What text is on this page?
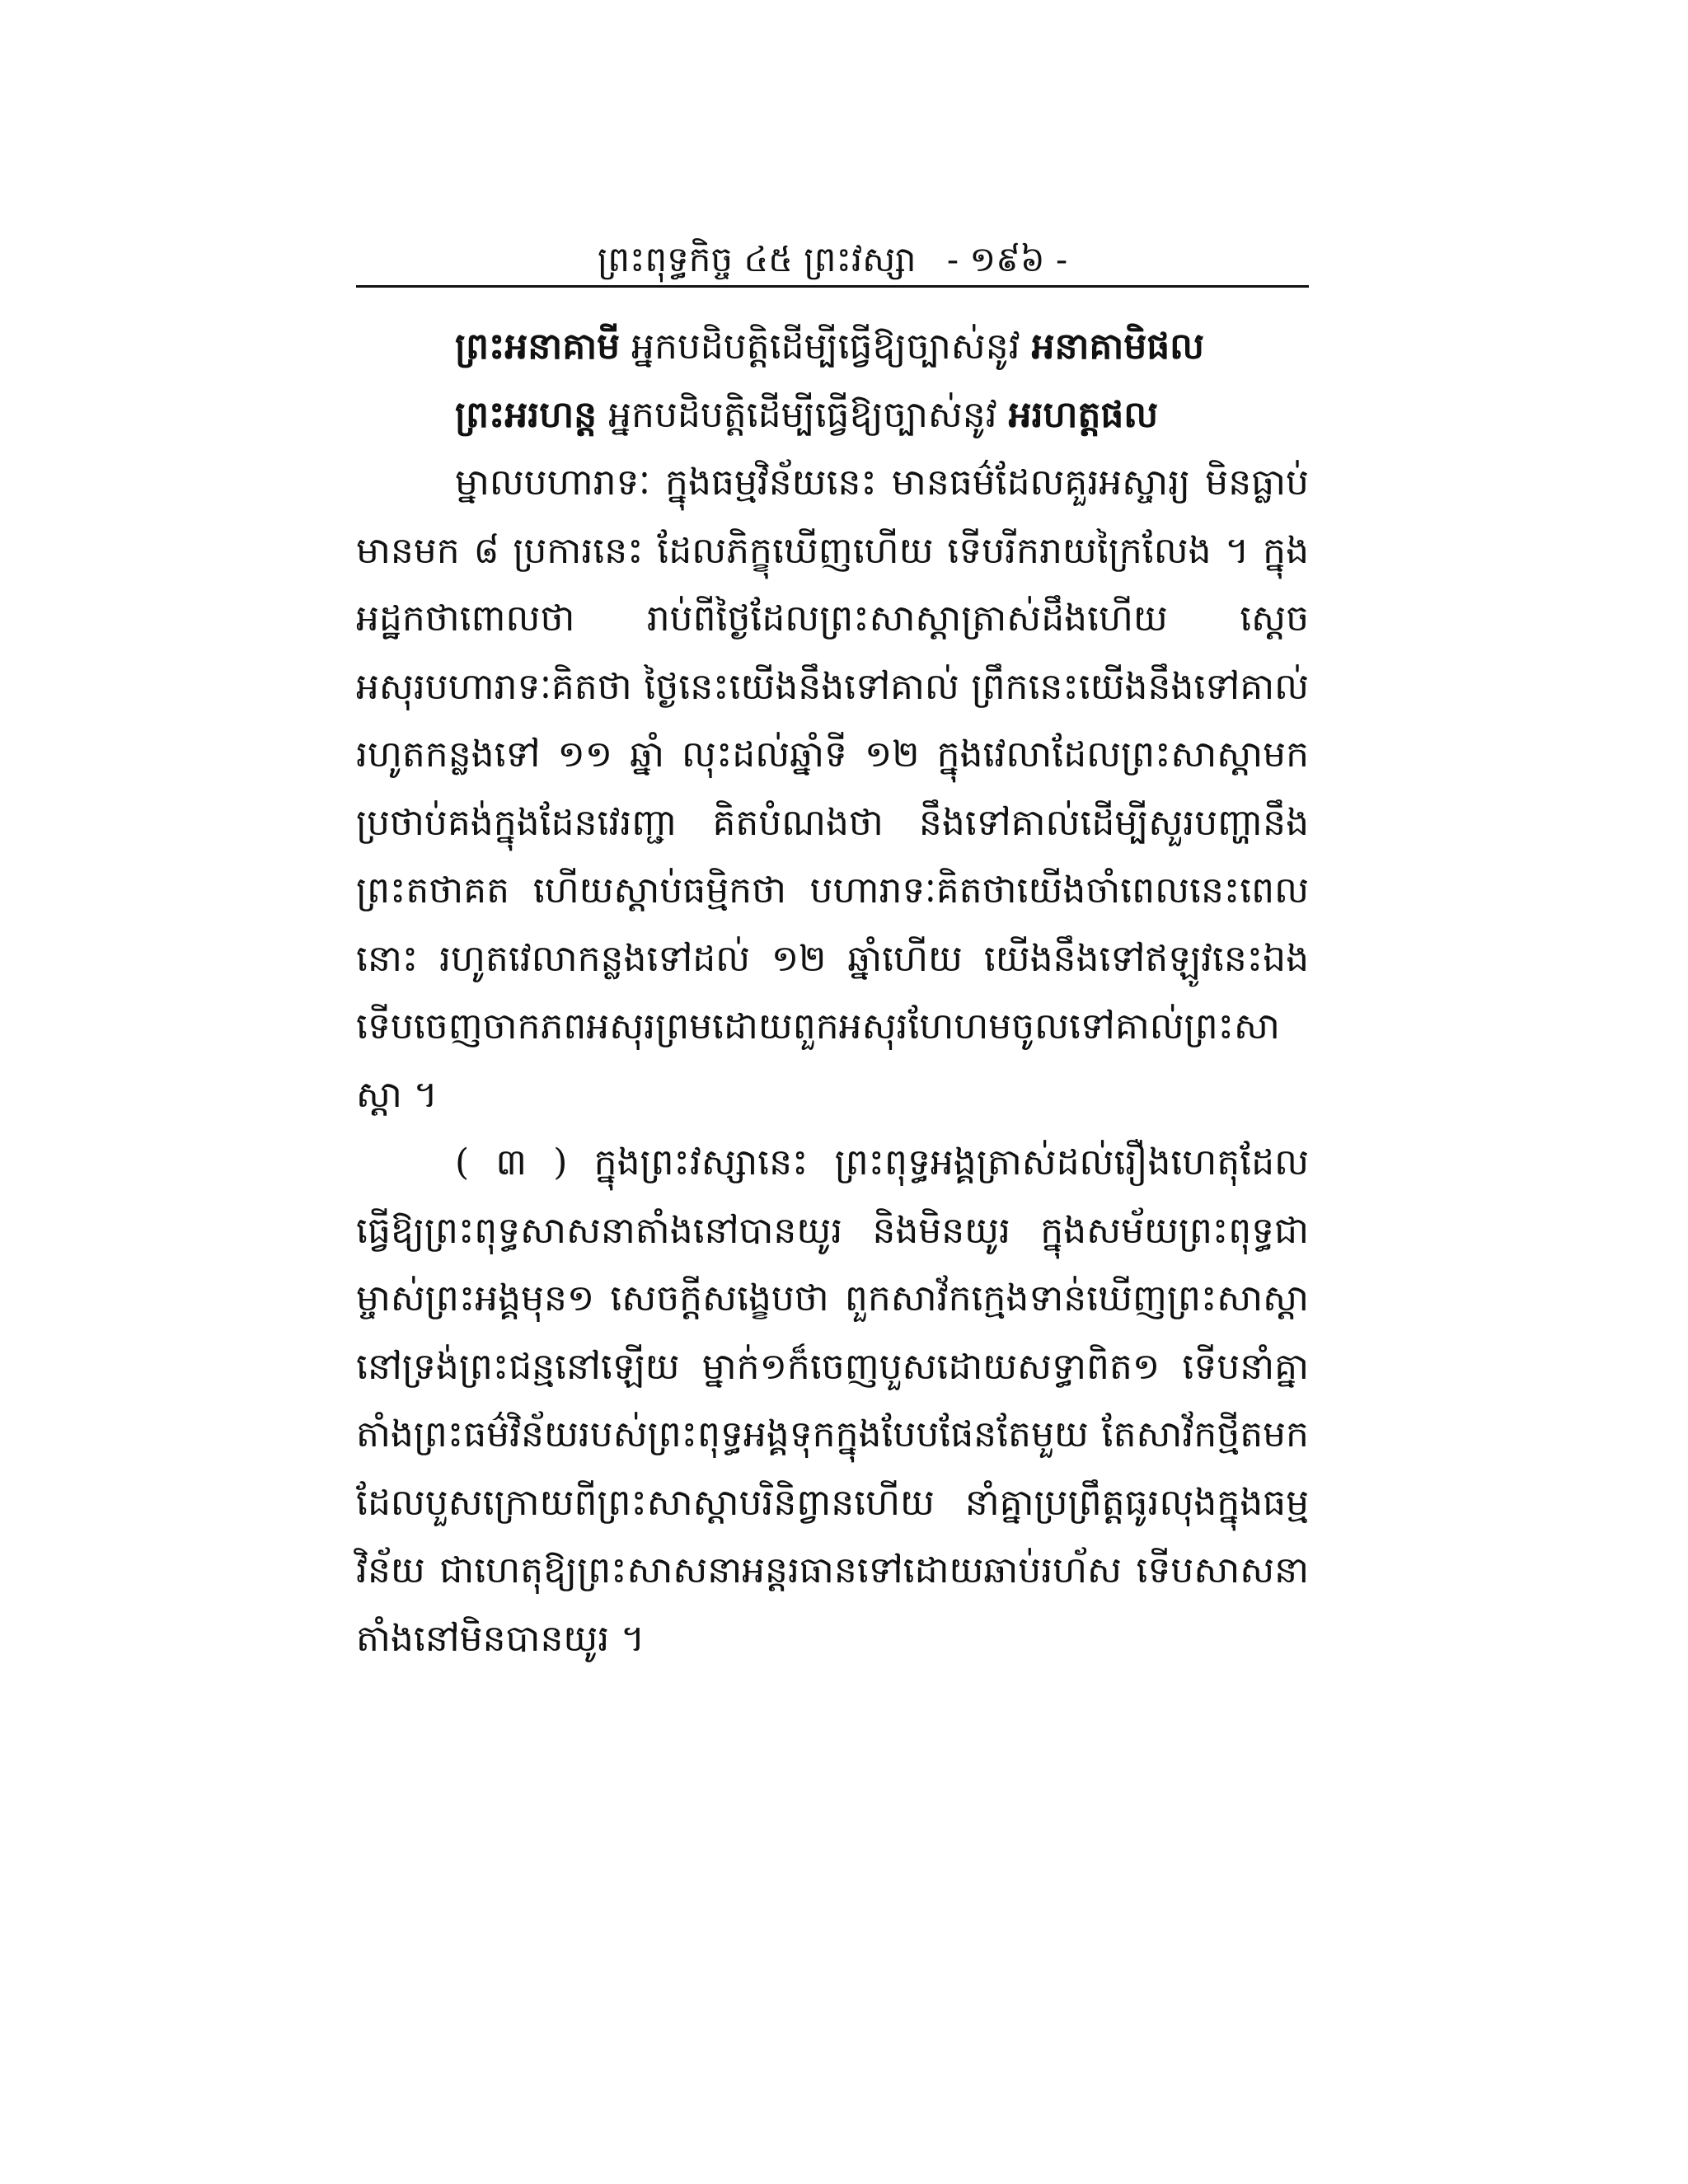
ព្រះពុទ្ធកិច្ច ៤៥ ព្រះវស្សា - ១៩៦ -

ព្រះអនាគាមី អ្នកបដិបត្តិដើម្បីធ្វើឱ្យច្បាស់នូវ អនាគាមិផល

ព្រះអរហន្ត អ្នកបដិបត្តិដើម្បីធ្វើឱ្យច្បាស់នូវ អរហត្តផល

ម្នាលបហារាទៈ ក្នុងធម្មវិន័យនេះ មានធម៌ដែលគួរអស្ចារ្យ មិនធ្លាប់មានមក ៨ ប្រការនេះ ដែលភិក្ខុឃើញហើយ ទើបរីករាយក្រៃលែង ។ ក្នុងអដ្ឋកថាពោលថា រាប់ពីថ្ងៃដែលព្រះសាស្តាត្រាស់ដឹងហើយ ស្តេចអសុរបហារាទៈគិតថា ថ្ងៃនេះយើងនឹងទៅគាល់ ព្រឹកនេះយើងនឹងទៅគាល់ រហូតកន្លងទៅ ១១ ឆ្នាំ លុះដល់ឆ្នាំទី ១២ ក្នុងវេលាដែលព្រះសាស្តាមកប្រថាប់គង់ក្នុងដែនវេរញ្ជា គិតបំណងថា នឹងទៅគាល់ដើម្បីសួរបញ្ហានឹងព្រះតថាគត ហើយស្តាប់ធម្មិកថា បហារាទៈគិតថាយើងចាំពេលនេះពេលនោះ រហូតវេលាកន្លងទៅដល់ ១២ ឆ្នាំហើយ យើងនឹងទៅឥឡូវនេះឯង ទើបចេញចាកភពអសុរព្រមដោយពួកអសុរហែហមចូលទៅគាល់ព្រះសាស្តា ។

( ៣ ) ក្នុងព្រះវស្សានេះ ព្រះពុទ្ធអង្គត្រាស់ដល់រឿងហេតុដែលធ្វើឱ្យព្រះពុទ្ធសាសនាតាំងនៅបានយូរ និងមិនយូរ ក្នុងសម័យព្រះពុទ្ធជាម្ចាស់ព្រះអង្គមុន១ សេចក្តីសង្ខេបថា ពួកសាវ័កក្មេងទាន់ឃើញព្រះសាស្តា នៅទ្រង់ព្រះជន្មនៅឡើយ ម្នាក់១ក៏ចេញបួសដោយសទ្ធាពិត១ ទើបនាំគ្នាតាំងព្រះធម៌វិន័យរបស់ព្រះពុទ្ធអង្គទុកក្នុងបែបផែនតែមួយ តែសាវ័កថ្មីតមក ដែលបួសក្រោយពីព្រះសាស្តាបរិនិព្វានហើយ នាំគ្នាប្រព្រឹត្តធូរលុងក្នុងធម្មវិន័យ ជាហេតុឱ្យព្រះសាសនាអន្តរធានទៅដោយឆាប់រហ័ស ទើបសាសនាតាំងនៅមិនបានយូរ ។
